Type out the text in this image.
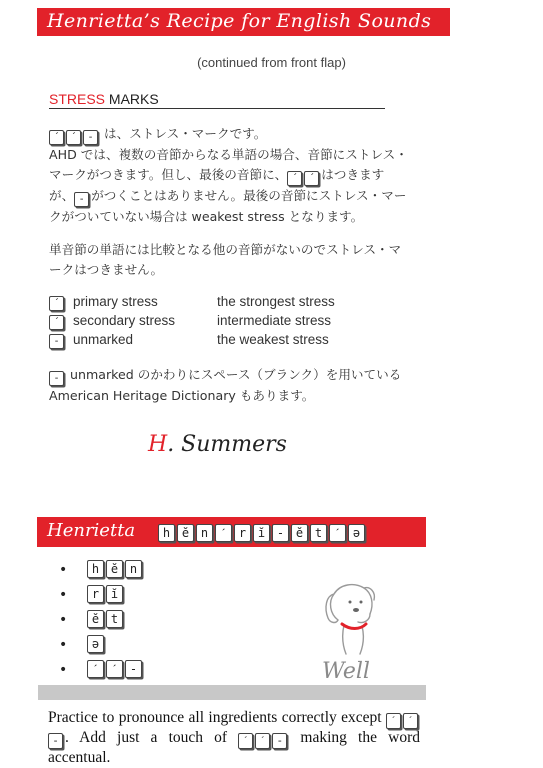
Henrietta’s Recipe for English Sounds
(continued from front flap)
STRESS MARKS
ˊ ˊ - は、ストレス・マークです。
AHD では、複数の音節からなる単語の場合、音節にストレス・マークがつきます。但し、最後の音節に、 ˊ ˊ はつきますが、 - がつくことはありません。最後の音節にストレス・マークがついていない場合は weakest stress となります。
単音節の単語には比較となる他の音節がないのでストレス・マークはつきません。
ˊ	primary stress	the strongest stress
ˊ	secondary stress	intermediate stress
-	unmarked	the weakest stress
- unmarked のかわりにスペース（ブランク）を用いている American Heritage Dictionary もあります。
H. Summers
Henrietta	h ĕ n ˊ r ĭ - ĕ t ˊ ə
•	h ĕ n
•	r ĭ
•	ĕ t
•	ə
•	ˊ ˊ -	Well
Practice to pronounce all ingredients correctly except ˊ ˊ- . Add just a touch of ˊ ˊ - making the word accentual.
